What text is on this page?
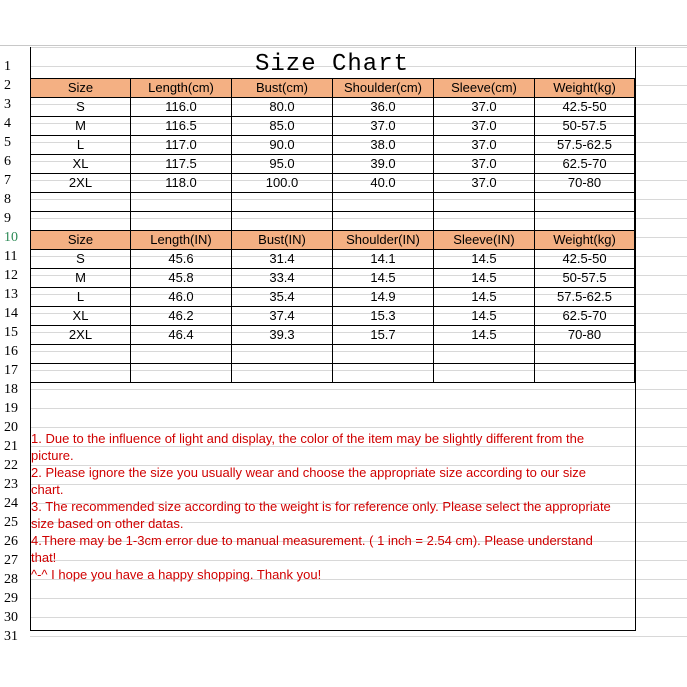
1
2
3
4
5
6
7
8
9
10
11
12
13
14
15
16
17
18
19
20
21
22
23
24
25
26
27
28
29
30
31
Size Chart
Size	Length(cm)	Bust(cm)	Shoulder(cm)	Sleeve(cm)	Weight(kg)
S	116.0	80.0	36.0	37.0	42.5-50
M	116.5	85.0	37.0	37.0	50-57.5
L	117.0	90.0	38.0	37.0	57.5-62.5
XL	117.5	95.0	39.0	37.0	62.5-70
2XL	118.0	100.0	40.0	37.0	70-80

Size	Length(IN)	Bust(IN)	Shoulder(IN)	Sleeve(IN)	Weight(kg)
S	45.6	31.4	14.1	14.5	42.5-50
M	45.8	33.4	14.5	14.5	50-57.5
L	46.0	35.4	14.9	14.5	57.5-62.5
XL	46.2	37.4	15.3	14.5	62.5-70
2XL	46.4	39.3	15.7	14.5	70-80

1. Due to the influence of light and display, the color of the item may be slightly different from the
picture.
2. Please ignore the size you usually wear and choose the appropriate size according to our size
chart.
3. The recommended size according to the weight is for reference only. Please select the appropriate
size based on other datas.
4.There may be 1-3cm error due to manual measurement. ( 1 inch = 2.54 cm). Please understand
that!
^-^ I hope you have a happy shopping. Thank you!
